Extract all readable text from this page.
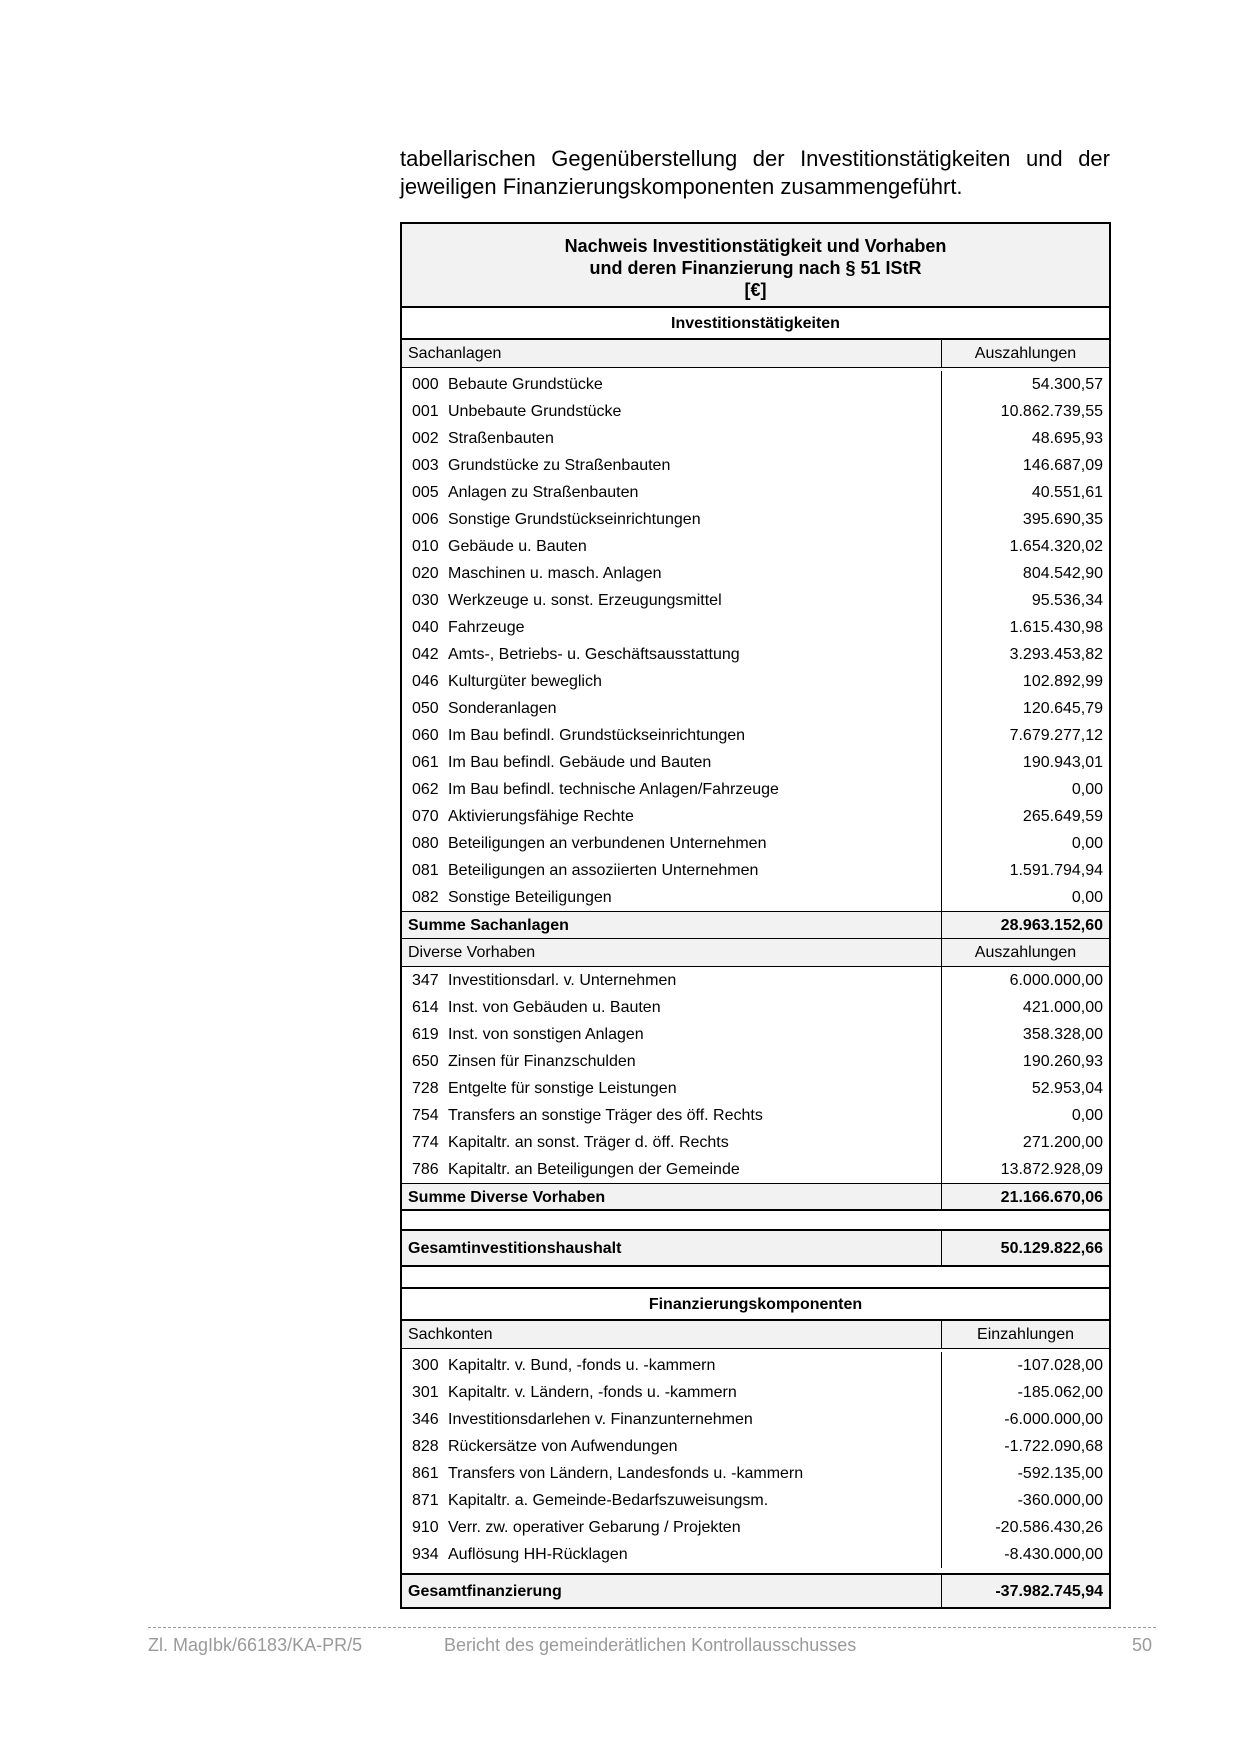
tabellarischen Gegenüberstellung der Investitionstätigkeiten und der
jeweiligen Finanzierungskomponenten zusammengeführt.
Nachweis Investitionstätigkeit und Vorhaben
und deren Finanzierung nach § 51 IStR
[€]
Investitionstätigkeiten
Sachanlagen	Auszahlungen
000 Bebaute Grundstücke	54.300,57
001 Unbebaute Grundstücke	10.862.739,55
002 Straßenbauten	48.695,93
003 Grundstücke zu Straßenbauten	146.687,09
005 Anlagen zu Straßenbauten	40.551,61
006 Sonstige Grundstückseinrichtungen	395.690,35
010 Gebäude u. Bauten	1.654.320,02
020 Maschinen u. masch. Anlagen	804.542,90
030 Werkzeuge u. sonst. Erzeugungsmittel	95.536,34
040 Fahrzeuge	1.615.430,98
042 Amts-, Betriebs- u. Geschäftsausstattung	3.293.453,82
046 Kulturgüter beweglich	102.892,99
050 Sonderanlagen	120.645,79
060 Im Bau befindl. Grundstückseinrichtungen	7.679.277,12
061 Im Bau befindl. Gebäude und Bauten	190.943,01
062 Im Bau befindl. technische Anlagen/Fahrzeuge	0,00
070 Aktivierungsfähige Rechte	265.649,59
080 Beteiligungen an verbundenen Unternehmen	0,00
081 Beteiligungen an assoziierten Unternehmen	1.591.794,94
082 Sonstige Beteiligungen	0,00
Summe Sachanlagen	28.963.152,60
Diverse Vorhaben	Auszahlungen
347 Investitionsdarl. v. Unternehmen	6.000.000,00
614 Inst. von Gebäuden u. Bauten	421.000,00
619 Inst. von sonstigen Anlagen	358.328,00
650 Zinsen für Finanzschulden	190.260,93
728 Entgelte für sonstige Leistungen	52.953,04
754 Transfers an sonstige Träger des öff. Rechts	0,00
774 Kapitaltr. an sonst. Träger d. öff. Rechts	271.200,00
786 Kapitaltr. an Beteiligungen der Gemeinde	13.872.928,09
Summe Diverse Vorhaben	21.166.670,06
Gesamtinvestitionshaushalt	50.129.822,66
Finanzierungskomponenten
Sachkonten	Einzahlungen
300 Kapitaltr. v. Bund, -fonds u. -kammern	-107.028,00
301 Kapitaltr. v. Ländern, -fonds u. -kammern	-185.062,00
346 Investitionsdarlehen v. Finanzunternehmen	-6.000.000,00
828 Rückersätze von Aufwendungen	-1.722.090,68
861 Transfers von Ländern, Landesfonds u. -kammern	-592.135,00
871 Kapitaltr. a. Gemeinde-Bedarfszuweisungsm.	-360.000,00
910 Verr. zw. operativer Gebarung / Projekten	-20.586.430,26
934 Auflösung HH-Rücklagen	-8.430.000,00
Gesamtfinanzierung	-37.982.745,94
Zl. MagIbk/66183/KA-PR/5	Bericht des gemeinderätlichen Kontrollausschusses	50
